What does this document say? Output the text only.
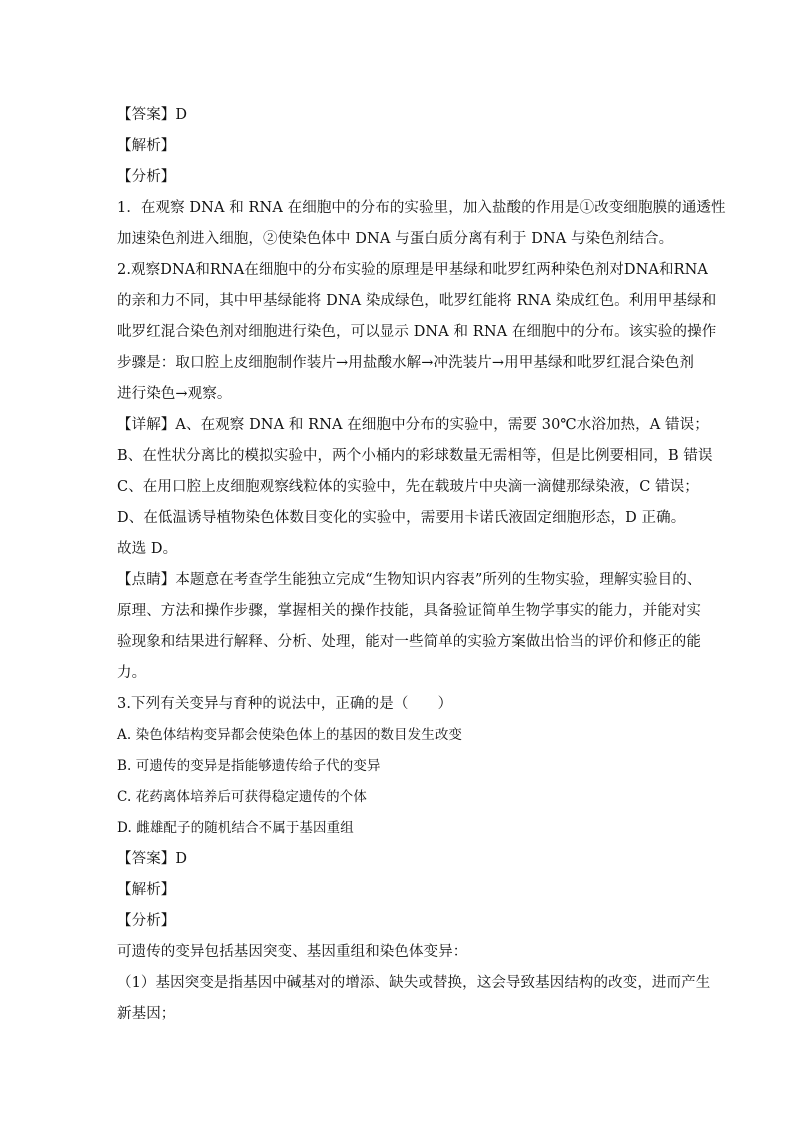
【答案】D
【解析】
【分析】
1．在观察 DNA 和 RNA 在细胞中的分布的实验里，加入盐酸的作用是①改变细胞膜的通透性
加速染色剂进入细胞，②使染色体中 DNA 与蛋白质分离有利于 DNA 与染色剂结合。
2.观察DNA和RNA在细胞中的分布实验的原理是甲基绿和吡罗红两种染色剂对DNA和RNA
的亲和力不同，其中甲基绿能将 DNA 染成绿色，吡罗红能将 RNA 染成红色。利用甲基绿和
吡罗红混合染色剂对细胞进行染色，可以显示 DNA 和 RNA 在细胞中的分布。该实验的操作
步骤是：取口腔上皮细胞制作装片→用盐酸水解→冲洗装片→用甲基绿和吡罗红混合染色剂
进行染色→观察。
【详解】A、在观察 DNA 和 RNA 在细胞中分布的实验中，需要 30℃水浴加热，A 错误；
B、在性状分离比的模拟实验中，两个小桶内的彩球数量无需相等，但是比例要相同，B 错误
C、在用口腔上皮细胞观察线粒体的实验中，先在载玻片中央滴一滴健那绿染液，C 错误；
D、在低温诱导植物染色体数目变化的实验中，需要用卡诺氏液固定细胞形态，D 正确。
故选 D。
【点睛】本题意在考查学生能独立完成“生物知识内容表”所列的生物实验，理解实验目的、
原理、方法和操作步骤，掌握相关的操作技能，具备验证简单生物学事实的能力，并能对实
验现象和结果进行解释、分析、处理，能对一些简单的实验方案做出恰当的评价和修正的能
力。
3.下列有关变异与育种的说法中，正确的是（　　）
A. 染色体结构变异都会使染色体上的基因的数目发生改变
B. 可遗传的变异是指能够遗传给子代的变异
C. 花药离体培养后可获得稳定遗传的个体
D. 雌雄配子的随机结合不属于基因重组
【答案】D
【解析】
【分析】
可遗传的变异包括基因突变、基因重组和染色体变异：
（1）基因突变是指基因中碱基对的增添、缺失或替换，这会导致基因结构的改变，进而产生
新基因；
